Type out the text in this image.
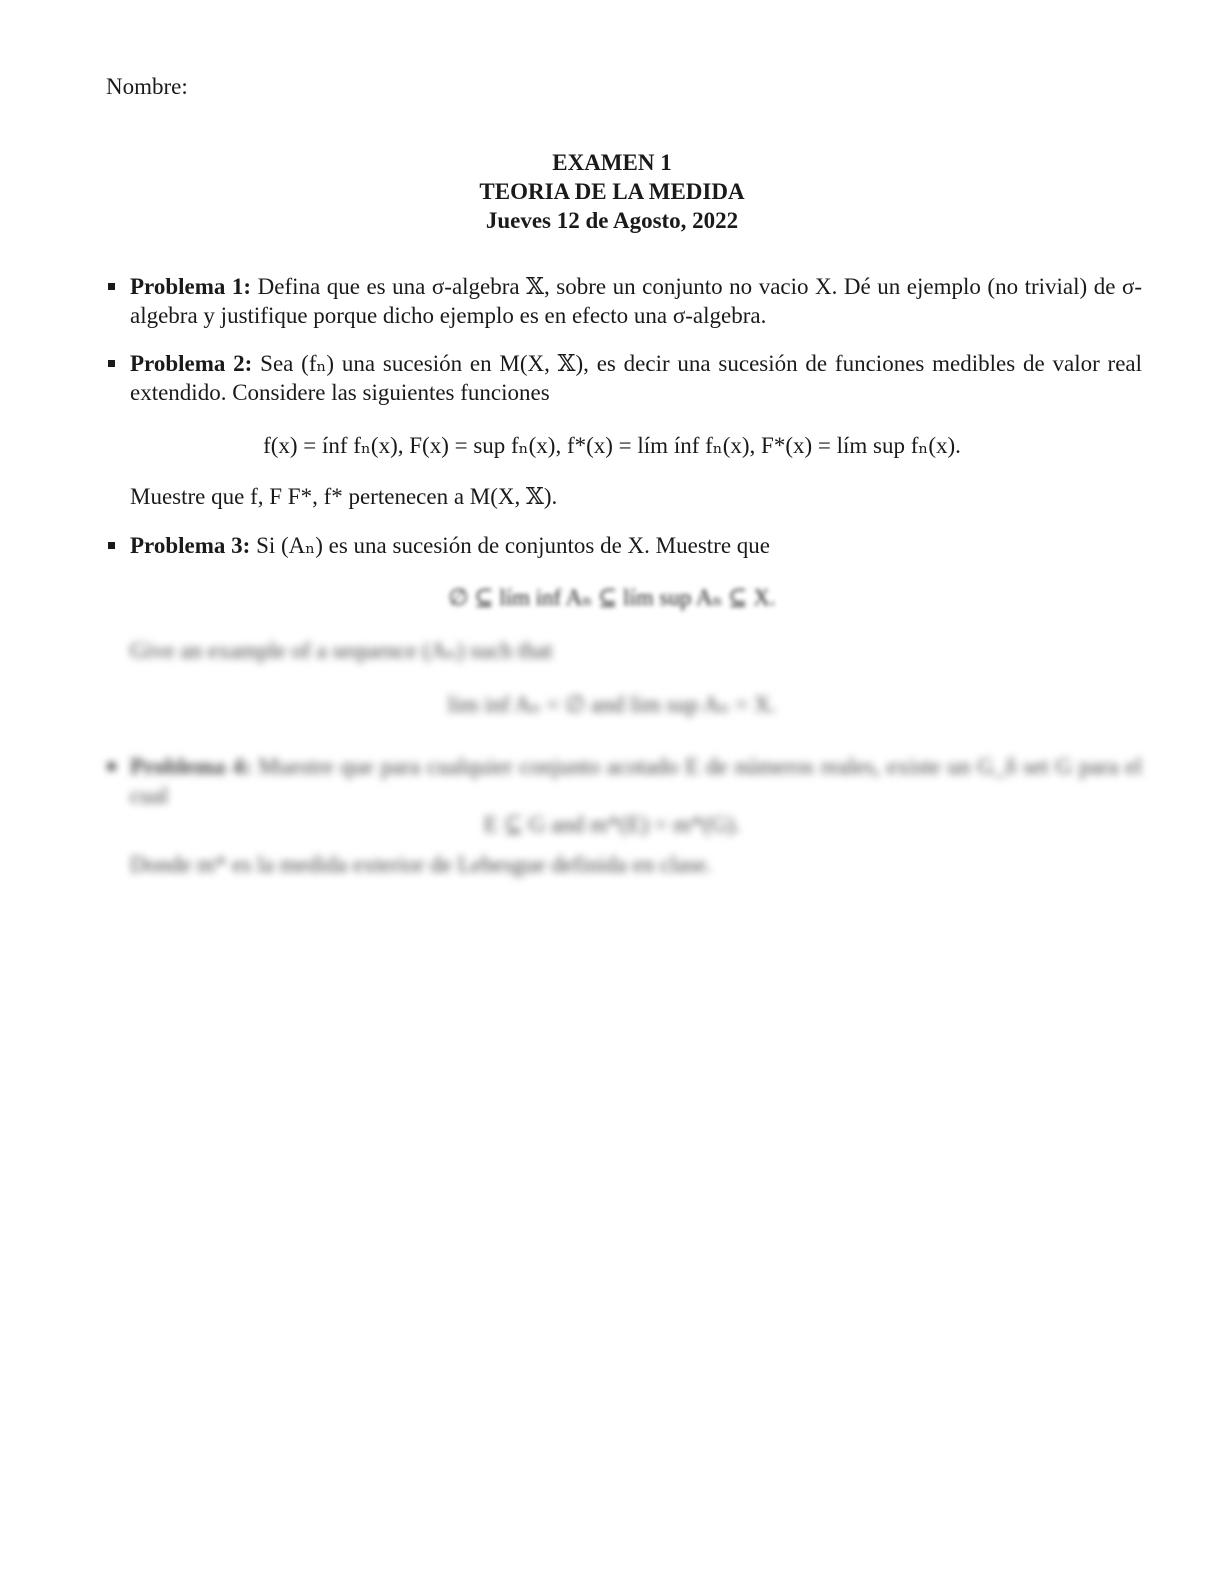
Nombre:
EXAMEN 1
TEORIA DE LA MEDIDA
Jueves 12 de Agosto, 2022
Problema 1: Defina que es una σ-algebra 𝕏, sobre un conjunto no vacio X. Dé un ejemplo (no trivial) de σ- algebra y justifique porque dicho ejemplo es en efecto una σ-algebra.
Problema 2: Sea (fₙ) una sucesión en M(X, 𝕏), es decir una sucesión de funciones medibles de valor real extendido. Considere las siguientes funciones
f(x) = ínf fₙ(x), F(x) = sup fₙ(x), f*(x) = lím ínf fₙ(x), F*(x) = lím sup fₙ(x).
Muestre que f, F F*, f* pertenecen a M(X, 𝕏).
Problema 3: Si (Aₙ) es una sucesión de conjuntos de X. Muestre que
∅ ⊆ lím inf Aₙ ⊆ lím sup Aₙ ⊆ X.
Give an example of a sequence (Aₙ) such that
lim inf Aₙ = ∅ and lim sup Aₙ = X.
Problema 4: Muestre que para cualquier conjunto acotado E de números reales, existe un G_δ set G para el cual
E ⊆ G and m*(E) = m*(G).
Donde m* es la medida exterior de Lebesgue definida en clase.
